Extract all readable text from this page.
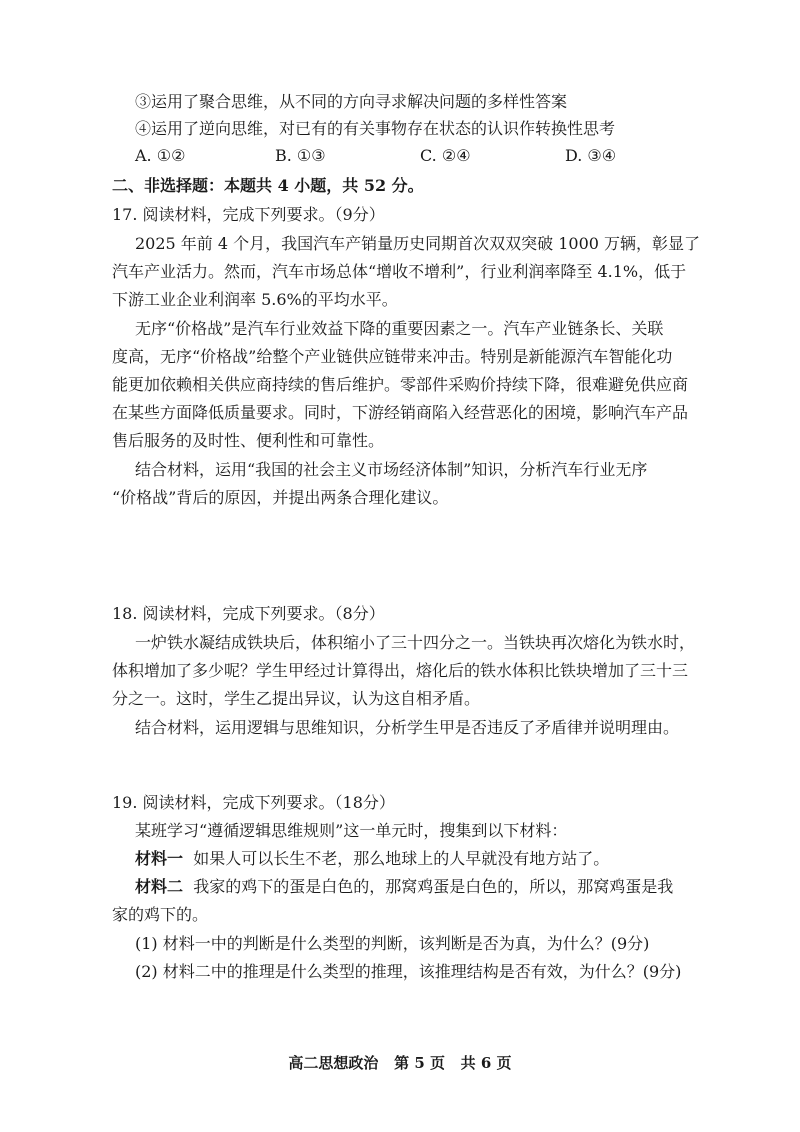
③运用了聚合思维，从不同的方向寻求解决问题的多样性答案
④运用了逆向思维，对已有的有关事物存在状态的认识作转换性思考
A. ①②	B. ①③	C. ②④	D. ③④
二、非选择题：本题共 4 小题，共 52 分。
17. 阅读材料，完成下列要求。（9分）
2025 年前 4 个月，我国汽车产销量历史同期首次双双突破 1000 万辆，彰显了
汽车产业活力。然而，汽车市场总体“增收不增利”，行业利润率降至 4.1%，低于
下游工业企业利润率 5.6%的平均水平。
无序“价格战”是汽车行业效益下降的重要因素之一。汽车产业链条长、关联
度高，无序“价格战”给整个产业链供应链带来冲击。特别是新能源汽车智能化功
能更加依赖相关供应商持续的售后维护。零部件采购价持续下降，很难避免供应商
在某些方面降低质量要求。同时，下游经销商陷入经营恶化的困境，影响汽车产品
售后服务的及时性、便利性和可靠性。
结合材料，运用“我国的社会主义市场经济体制”知识，分析汽车行业无序
“价格战”背后的原因，并提出两条合理化建议。
18. 阅读材料，完成下列要求。（8分）
一炉铁水凝结成铁块后，体积缩小了三十四分之一。当铁块再次熔化为铁水时，
体积增加了多少呢？学生甲经过计算得出，熔化后的铁水体积比铁块增加了三十三
分之一。这时，学生乙提出异议，认为这自相矛盾。
结合材料，运用逻辑与思维知识，分析学生甲是否违反了矛盾律并说明理由。
19. 阅读材料，完成下列要求。（18分）
某班学习“遵循逻辑思维规则”这一单元时，搜集到以下材料：
材料一 如果人可以长生不老，那么地球上的人早就没有地方站了。
材料二 我家的鸡下的蛋是白色的，那窝鸡蛋是白色的，所以，那窝鸡蛋是我
家的鸡下的。
(1) 材料一中的判断是什么类型的判断，该判断是否为真，为什么？(9分)
(2) 材料二中的推理是什么类型的推理，该推理结构是否有效，为什么？(9分)
高二思想政治 第 5 页 共 6 页
